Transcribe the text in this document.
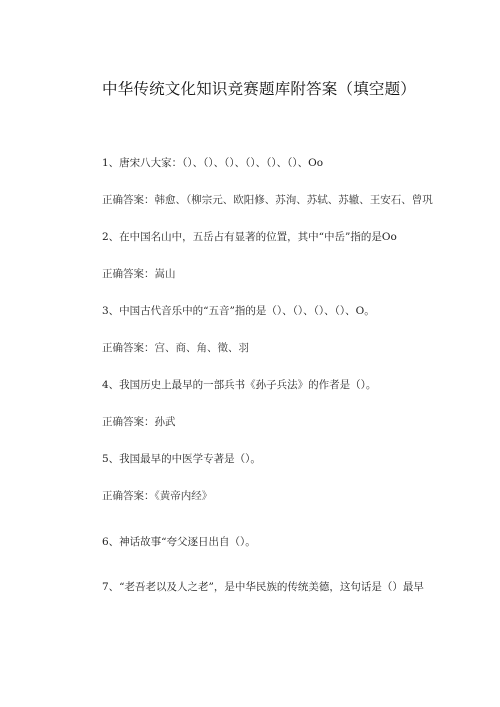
中华传统文化知识竞赛题库附答案（填空题）
1、唐宋八大家：（）、（）、（）、（）、（）、（）、Oo
正确答案：韩愈、（柳宗元、欧阳修、苏洵、苏轼、苏辙、王安石、曾巩
2、在中国名山中，五岳占有显著的位置，其中“中岳”指的是Oo
正确答案：嵩山
3、中国古代音乐中的“五音”指的是（）、（）、（）、（）、O。
正确答案：宫、商、角、徵、羽
4、我国历史上最早的一部兵书《孙子兵法》的作者是（）。
正确答案：孙武
5、我国最早的中医学专著是（）。
正确答案：《黄帝内经》
6、神话故事“夸父逐日出自（）。
7、“老吾老以及人之老”，是中华民族的传统美德，这句话是（）最早
